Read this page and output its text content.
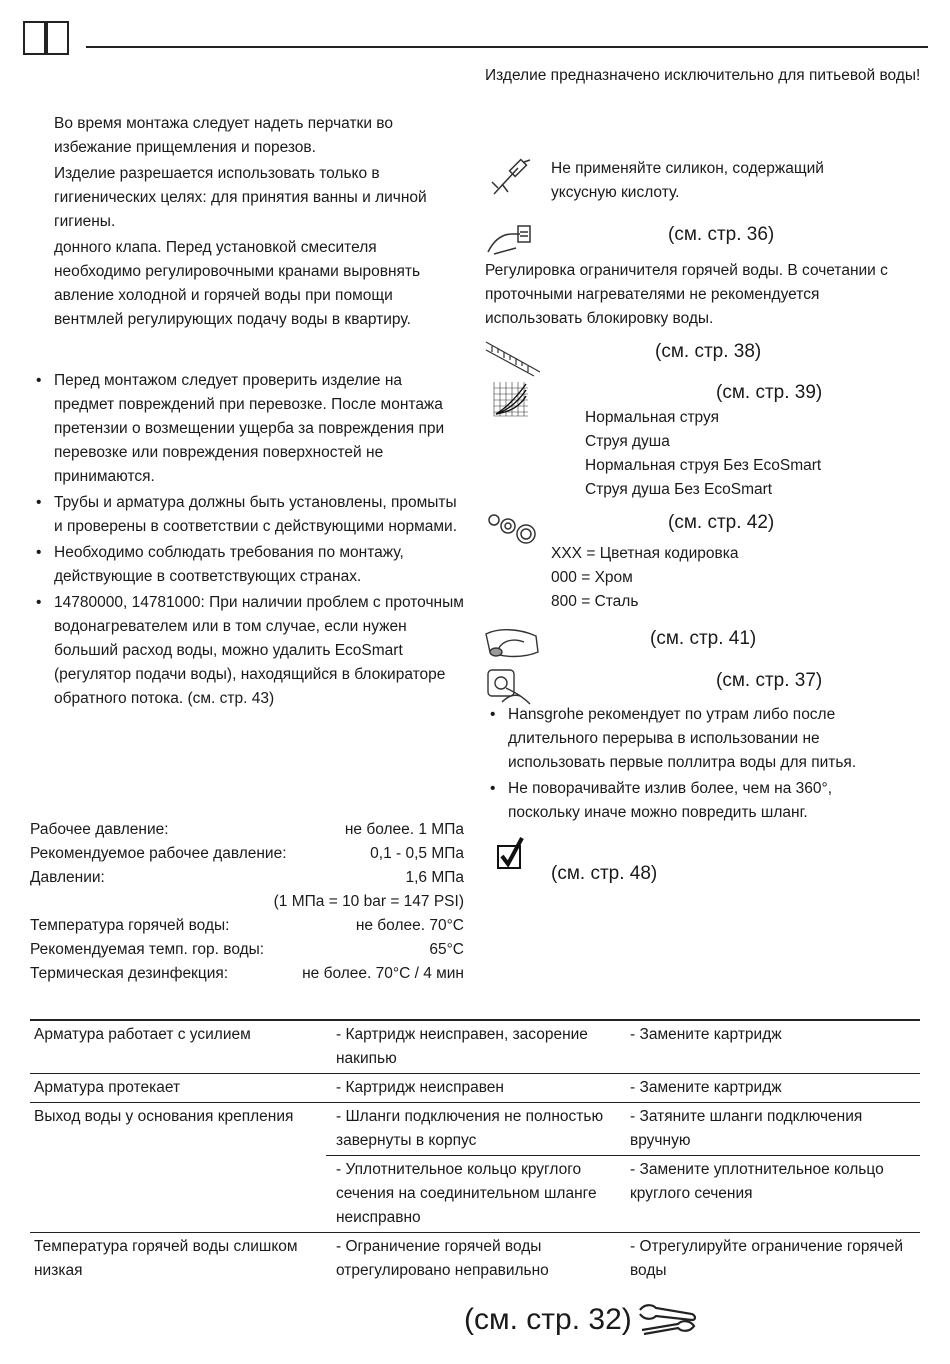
Изделие предназначено исключительно для питьевой воды!

Во время монтажа следует надеть перчатки во избежание прищемления и порезов.

Изделие разрешается использовать только в гигиенических целях: для принятия ванны и личной гигиены.

донного клапа. Перед установкой смесителя необходимо регулировочными кранами выровнять авление холодной и горячей воды при помощи вентмлей регулирующих подачу воды в квартиру.

• Перед монтажом следует проверить изделие на предмет повреждений при перевозке. После монтажа претензии о возмещении ущерба за повреждения при перевозке или повреждения поверхностей не принимаются.
• Трубы и арматура должны быть установлены, промыты и проверены в соответствии с действующими нормами.
• Необходимо соблюдать требования по монтажу, действующие в соответствующих странах.
• 14780000, 14781000: При наличии проблем с проточным водонагревателем или в том случае, если нужен больший расход воды, можно удалить EcoSmart (регулятор подачи воды), находящийся в блокираторе обратного потока. (см. стр. 43)
Рабочее давление:	не более. 1 МПа
Рекомендуемое рабочее давление:	0,1 - 0,5 МПа
Давлении:	1,6 МПа
(1 МПа = 10 bar = 147 PSI)
Температура горячей воды:	не более. 70°C
Рекомендуемая темп. гор. воды:	65°C
Термическая дезинфекция:	не более. 70°C / 4 мин
Не применяйте силикон, содержащий уксусную кислоту.
(см. стр. 36)
Регулировка ограничителя горячей воды. В сочетании с проточными нагревателями не рекомендуется использовать блокировку воды.
(см. стр. 38)
(см. стр. 39)
Нормальная струя
Струя душа
Нормальная струя Без EcoSmart
Струя душа Без EcoSmart
(см. стр. 42)
XXX = Цветная кодировка
000 = Хром
800 = Сталь
(см. стр. 41)
(см. стр. 37)
• Hansgrohe рекомендует по утрам либо после длительного перерыва в использовании не использовать первые поллитра воды для питья.
• Не поворачивайте излив более, чем на 360°, поскольку иначе можно повредить шланг.
(см. стр. 48)
Арматура работает с усилием	- Картридж неисправен, засорение накипью	- Замените картридж
Арматура протекает	- Картридж неисправен	- Замените картридж
Выход воды у основания крепления	- Шланги подключения не полностью завернуты в корпус	- Затяните шланги подключения вручную
	- Уплотнительное кольцо круглого сечения на соединительном шланге неисправно	- Замените уплотнительное кольцо круглого сечения
Температура горячей воды слишком низкая	- Ограничение горячей воды отрегулировано неправильно	- Отрегулируйте ограничение горячей воды
(см. стр. 32)
